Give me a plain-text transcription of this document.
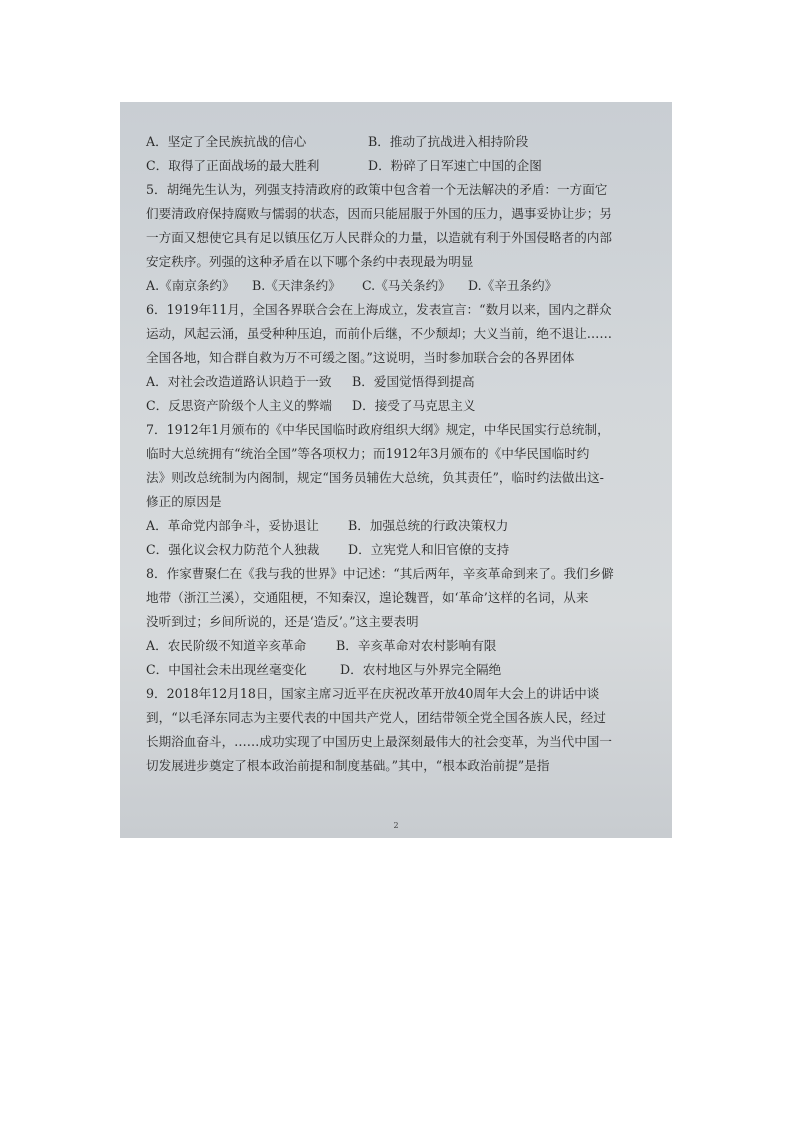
A．坚定了全民族抗战的信心	B．推动了抗战进入相持阶段
C．取得了正面战场的最大胜利	D．粉碎了日军速亡中国的企图
5．胡绳先生认为，列强支持清政府的政策中包含着一个无法解决的矛盾：一方面它
们要清政府保持腐败与懦弱的状态，因而只能屈服于外国的压力，遇事妥协让步；另
一方面又想使它具有足以镇压亿万人民群众的力量，以造就有利于外国侵略者的内部
安定秩序。列强的这种矛盾在以下哪个条约中表现最为明显
A.《南京条约》	B.《天津条约》	C.《马关条约》	D.《辛丑条约》
6．1919年11月，全国各界联合会在上海成立，发表宣言：“数月以来，国内之群众
运动，风起云涌，虽受种种压迫，而前仆后继，不少颓却；大义当前，绝不退让……
全国各地，知合群自救为万不可缓之图。”这说明，当时参加联合会的各界团体
A．对社会改造道路认识趋于一致	B．爱国觉悟得到提高
C．反思资产阶级个人主义的弊端	D．接受了马克思主义
7．1912年1月颁布的《中华民国临时政府组织大纲》规定，中华民国实行总统制，
临时大总统拥有“统治全国”等各项权力；而1912年3月颁布的《中华民国临时约
法》则改总统制为内阁制，规定“国务员辅佐大总统，负其责任”，临时约法做出这-
修正的原因是
A．革命党内部争斗，妥协退让	B．加强总统的行政决策权力
C．强化议会权力防范个人独裁	D．立宪党人和旧官僚的支持
8．作家曹聚仁在《我与我的世界》中记述：“其后两年，辛亥革命到来了。我们乡僻
地带（浙江兰溪），交通阻梗，不知秦汉，遑论魏晋，如‘革命’这样的名词，从来
没听到过；乡间所说的，还是‘造反’。”这主要表明
A．农民阶级不知道辛亥革命	B．辛亥革命对农村影响有限
C．中国社会未出现丝毫变化	D．农村地区与外界完全隔绝
9．2018年12月18日，国家主席习近平在庆祝改革开放40周年大会上的讲话中谈
到，“以毛泽东同志为主要代表的中国共产党人，团结带领全党全国各族人民，经过
长期浴血奋斗，……成功实现了中国历史上最深刻最伟大的社会变革，为当代中国一
切发展进步奠定了根本政治前提和制度基础。”其中，“根本政治前提”是指
2
